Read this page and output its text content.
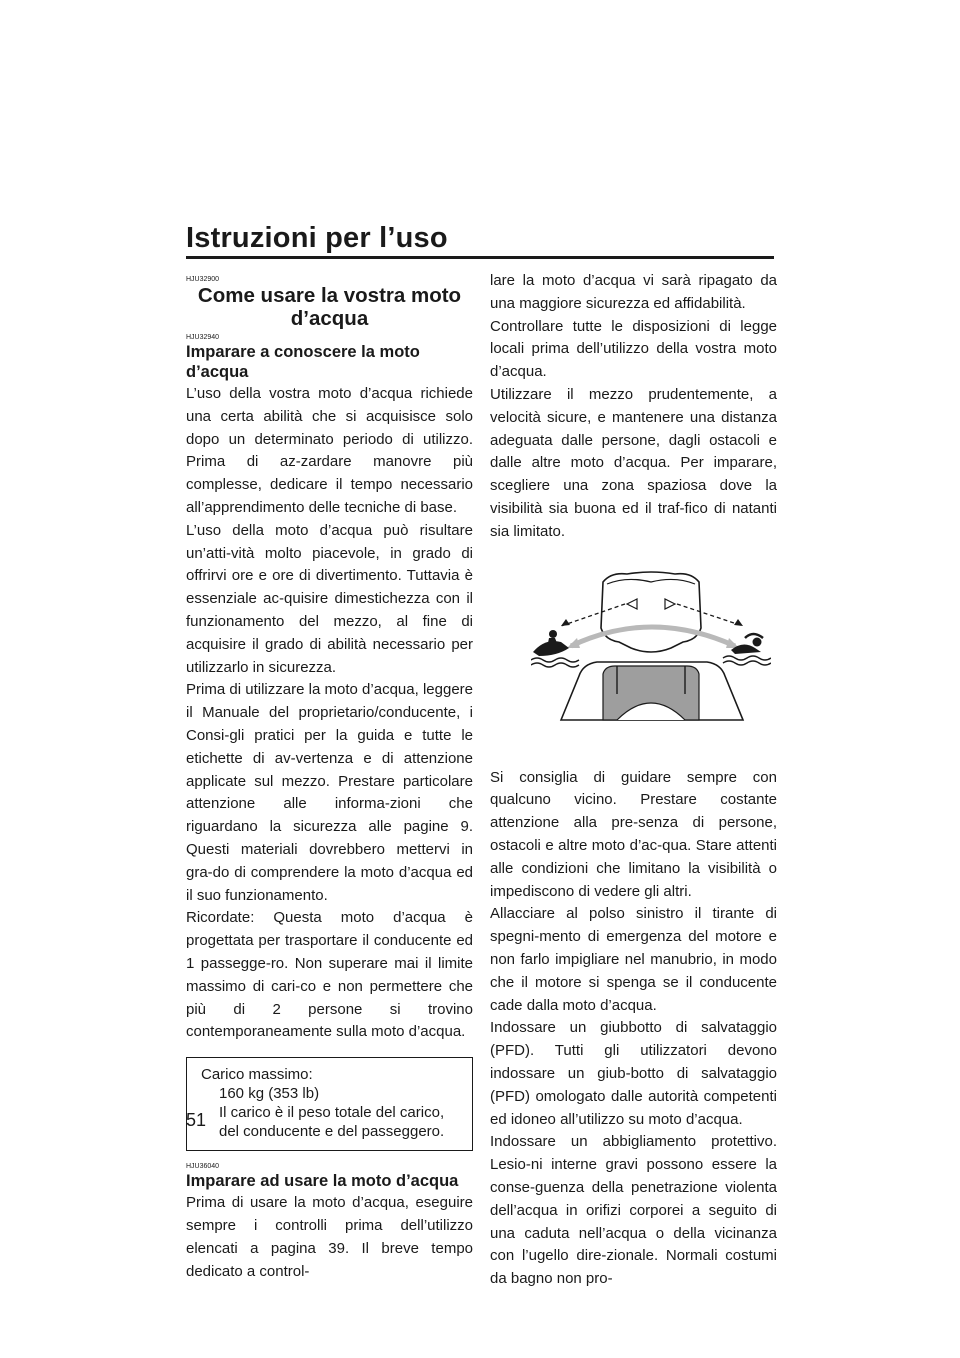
Istruzioni per l’uso

HJU32900

Come usare la vostra moto
d’acqua

HJU32940

Imparare a conoscere la moto d’acqua

L’uso della vostra moto d’acqua richiede una certa abilità che si acquisisce solo dopo un determinato periodo di utilizzo. Prima di az-zardare manovre più complesse, dedicare il tempo necessario all’apprendimento delle tecniche di base.

L’uso della moto d’acqua può risultare un’atti-vità molto piacevole, in grado di offrirvi ore e ore di divertimento. Tuttavia è essenziale ac-quisire dimestichezza con il funzionamento del mezzo, al fine di acquisire il grado di abilità necessario per utilizzarlo in sicurezza.

Prima di utilizzare la moto d’acqua, leggere il Manuale del proprietario/conducente, i Consi-gli pratici per la guida e tutte le etichette di av-vertenza e di attenzione applicate sul mezzo. Prestare particolare attenzione alle informa-zioni che riguardano la sicurezza alle pagine 9. Questi materiali dovrebbero mettervi in gra-do di comprendere la moto d’acqua ed il suo funzionamento.

Ricordate: Questa moto d’acqua è progettata per trasportare il conducente ed 1 passegge-ro. Non superare mai il limite massimo di cari-co e non permettere che più di 2 persone si trovino contemporaneamente sulla moto d’acqua.

Carico massimo:
160 kg (353 lb)
Il carico è il peso totale del carico, del conducente e del passeggero.

HJU36040

Imparare ad usare la moto d’acqua

Prima di usare la moto d’acqua, eseguire sempre i controlli prima dell’utilizzo elencati a pagina 39. Il breve tempo dedicato a control-

lare la moto d’acqua vi sarà ripagato da una maggiore sicurezza ed affidabilità.

Controllare tutte le disposizioni di legge locali prima dell’utilizzo della vostra moto d’acqua.

Utilizzare il mezzo prudentemente, a velocità sicure, e mantenere una distanza adeguata dalle persone, dagli ostacoli e dalle altre moto d’acqua. Per imparare, scegliere una zona spaziosa dove la visibilità sia buona ed il traf-fico di natanti sia limitato.

Si consiglia di guidare sempre con qualcuno vicino. Prestare costante attenzione alla pre-senza di persone, ostacoli e altre moto d’ac-qua. Stare attenti alle condizioni che limitano la visibilità o impediscono di vedere gli altri.

Allacciare al polso sinistro il tirante di spegni-mento di emergenza del motore e non farlo impigliare nel manubrio, in modo che il motore si spenga se il conducente cade dalla moto d’acqua.

Indossare un giubbotto di salvataggio (PFD). Tutti gli utilizzatori devono indossare un giub-botto di salvataggio (PFD) omologato dalle autorità competenti ed idoneo all’utilizzo su moto d’acqua.

Indossare un abbigliamento protettivo. Lesio-ni interne gravi possono essere la conse-guenza della penetrazione violenta dell’acqua in orifizi corporei a seguito di una caduta nell’acqua o della vicinanza con l’ugello dire-zionale. Normali costumi da bagno non pro-

51
